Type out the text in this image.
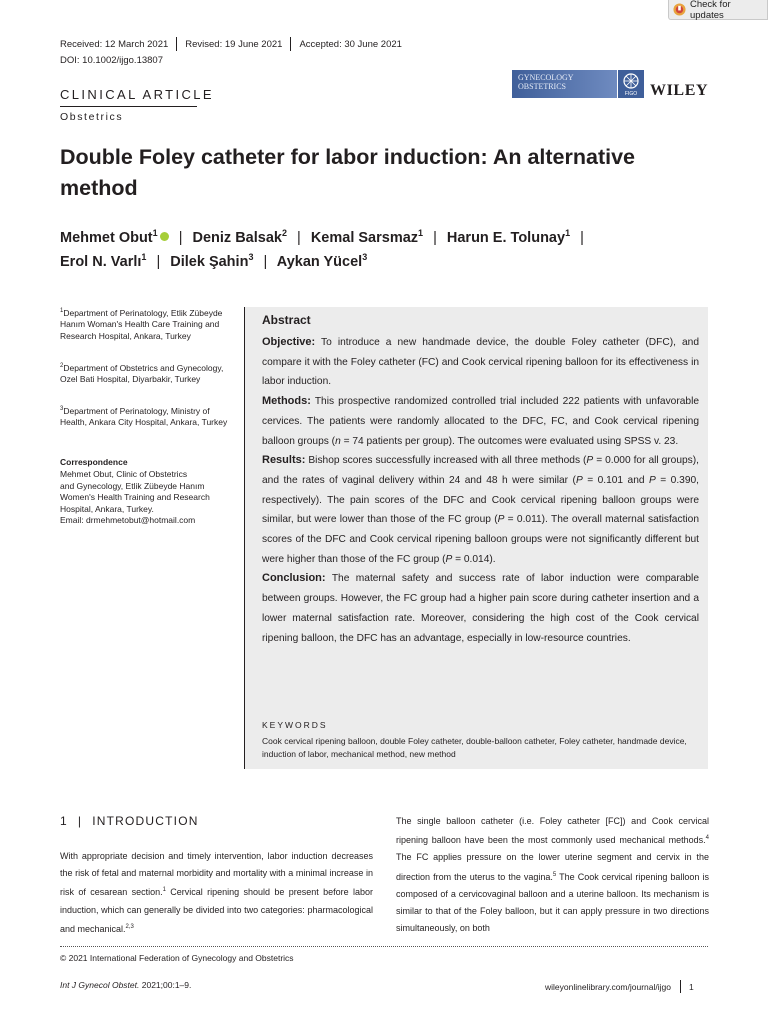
Check for updates
Received: 12 March 2021 Revised: 19 June 2021 Accepted: 30 June 2021
DOI: 10.1002/ijgo.13807
CLINICAL ARTICLE
Obstetrics
GYNECOLOGY
OBSTETRICS
FIGO WILEY
Double Foley catheter for labor induction: An alternative
method
Mehmet Obut$^1$ | Deniz Balsak$^2$ | Kemal Sarsmaz$^1$ | Harun E. Tolunay$^1$ |
Erol N. Varlı$^1$ | Dilek Şahin$^3$ | Aykan Yücel$^3$
$^1$Department of Perinatology, Etlik Zübeyde Hanım Woman's Health Care Training and Research Hospital, Ankara, Turkey
$^2$Department of Obstetrics and Gynecology, Ozel Bati Hospital, Diyarbakir, Turkey
$^3$Department of Perinatology, Ministry of Health, Ankara City Hospital, Ankara, Turkey
Correspondence
Mehmet Obut, Clinic of Obstetrics
and Gynecology, Etlik Zübeyde Hanım
Women's Health Training and Research
Hospital, Ankara, Turkey.
Email: drmehmetobut@hotmail.com
Abstract

Objective: To introduce a new handmade device, the double Foley catheter (DFC), and compare it with the Foley catheter (FC) and Cook cervical ripening balloon for its effectiveness in labor induction.

Methods: This prospective randomized controlled trial included 222 patients with unfavorable cervices. The patients were randomly allocated to the DFC, FC, and Cook cervical ripening balloon groups (n = 74 patients per group). The outcomes were evaluated using SPSS v. 23.

Results: Bishop scores successfully increased with all three methods (P = 0.000 for all groups), and the rates of vaginal delivery within 24 and 48 h were similar (P = 0.101 and P = 0.390, respectively). The pain scores of the DFC and Cook cervical ripening balloon groups were similar, but were lower than those of the FC group (P = 0.011). The overall maternal satisfaction scores of the DFC and Cook cervical ripening balloon groups were not significantly different but were higher than those of the FC group (P = 0.014).

Conclusion: The maternal safety and success rate of labor induction were comparable between groups. However, the FC group had a higher pain score during catheter insertion and a lower maternal satisfaction rate. Moreover, considering the high cost of the Cook cervical ripening balloon, the DFC has an advantage, especially in low-resource countries.

KEYWORDS
Cook cervical ripening balloon, double Foley catheter, double-balloon catheter, Foley catheter, handmade device, induction of labor, mechanical method, new method
1 | INTRODUCTION
With appropriate decision and timely intervention, labor induction decreases the risk of fetal and maternal morbidity and mortality with a minimal increase in risk of cesarean section.$^1$ Cervical ripening should be present before labor induction, which can generally be divided into two categories: pharmacological and mechanical.$^{2,3}$
The single balloon catheter (i.e. Foley catheter [FC]) and Cook cervical ripening balloon have been the most commonly used mechanical methods.$^4$ The FC applies pressure on the lower uterine segment and cervix in the direction from the uterus to the vagina.$^5$ The Cook cervical ripening balloon is composed of a cervicovaginal balloon and a uterine balloon. Its mechanism is similar to that of the Foley balloon, but it can apply pressure in two directions simultaneously, on both
© 2021 International Federation of Gynecology and Obstetrics
Int J Gynecol Obstet. 2021;00:1–9.	wileyonlinelibrary.com/journal/ijgo 1
